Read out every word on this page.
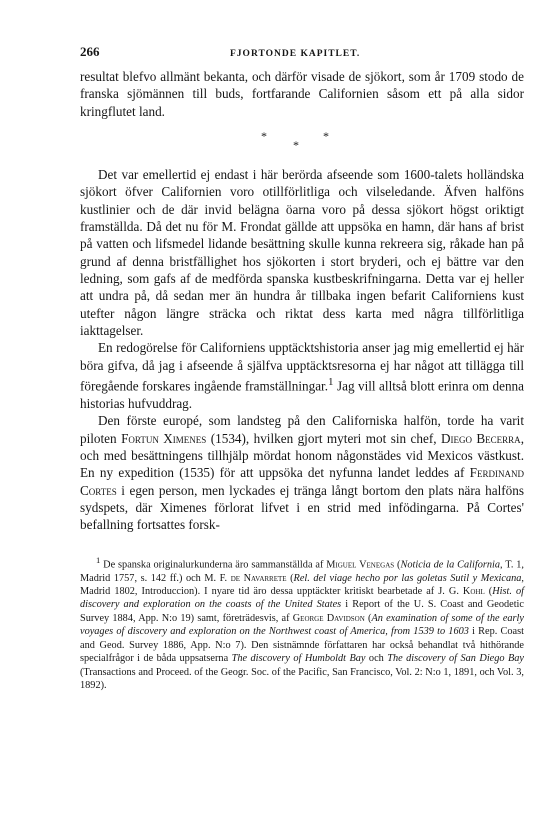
266	FJORTONDE KAPITLET.

resultat blefvo allmänt bekanta, och därför visade de sjökort, som år 1709 stodo de franska sjömännen till buds, fortfarande Californien såsom ett på alla sidor kringflutet land.

*
*
*

Det var emellertid ej endast i här berörda afseende som 1600-talets holländska sjökort öfver Californien voro otillförlitliga och vilseledande. Äfven halföns kustlinier och de där invid belägna öarna voro på dessa sjökort högst oriktigt framställda. Då det nu för M. Frondat gällde att uppsöka en hamn, där hans af brist på vatten och lifsmedel lidande besättning skulle kunna rekreera sig, råkade han på grund af denna bristfällighet hos sjökorten i stort bryderi, och ej bättre var den ledning, som gafs af de medförda spanska kustbeskrifningarna. Detta var ej heller att undra på, då sedan mer än hundra år tillbaka ingen befarit Californiens kust utefter någon längre sträcka och riktat dess karta med några tillförlitliga iakttagelser.

En redogörelse för Californiens upptäcktshistoria anser jag mig emellertid ej här böra gifva, då jag i afseende å själfva upptäcktsresorna ej har något att tillägga till föregående forskares ingående framställningar.$^1$ Jag vill alltså blott erinra om denna historias hufvuddrag.

Den förste europé, som landsteg på den Californiska halfön, torde ha varit piloten Fortun Ximenes (1534), hvilken gjort myteri mot sin chef, Diego Becerra, och med besättningens tillhjälp mördat honom någonstädes vid Mexicos västkust. En ny expedition (1535) för att uppsöka det nyfunna landet leddes af Ferdinand Cortes i egen person, men lyckades ej tränga långt bortom den plats nära halföns sydspets, där Ximenes förlorat lifvet i en strid med infödingarna. På Cortes' befallning fortsattes forsk-

$^1$ De spanska originalurkunderna äro sammanställda af Miguel Venegas (Noticia de la California, T. 1, Madrid 1757, s. 142 ff.) och M. F. de Navarrete (Rel. del viage hecho por las goletas Sutil y Mexicana, Madrid 1802, Introduccion). I nyare tid äro dessa upptäckter kritiskt bearbetade af J. G. Kohl (Hist. of discovery and exploration on the coasts of the United States i Report of the U. S. Coast and Geodetic Survey 1884, App. N:o 19) samt, företrädesvis, af George Davidson (An examination of some of the early voyages of discovery and exploration on the Northwest coast of America, from 1539 to 1603 i Rep. Coast and Geod. Survey 1886, App. N:o 7). Den sistnämnde författaren har också behandlat två hithörande specialfrågor i de båda uppsatserna The discovery of Humboldt Bay och The discovery of San Diego Bay (Transactions and Proceed. of the Geogr. Soc. of the Pacific, San Francisco, Vol. 2: N:o 1, 1891, och Vol. 3, 1892).
